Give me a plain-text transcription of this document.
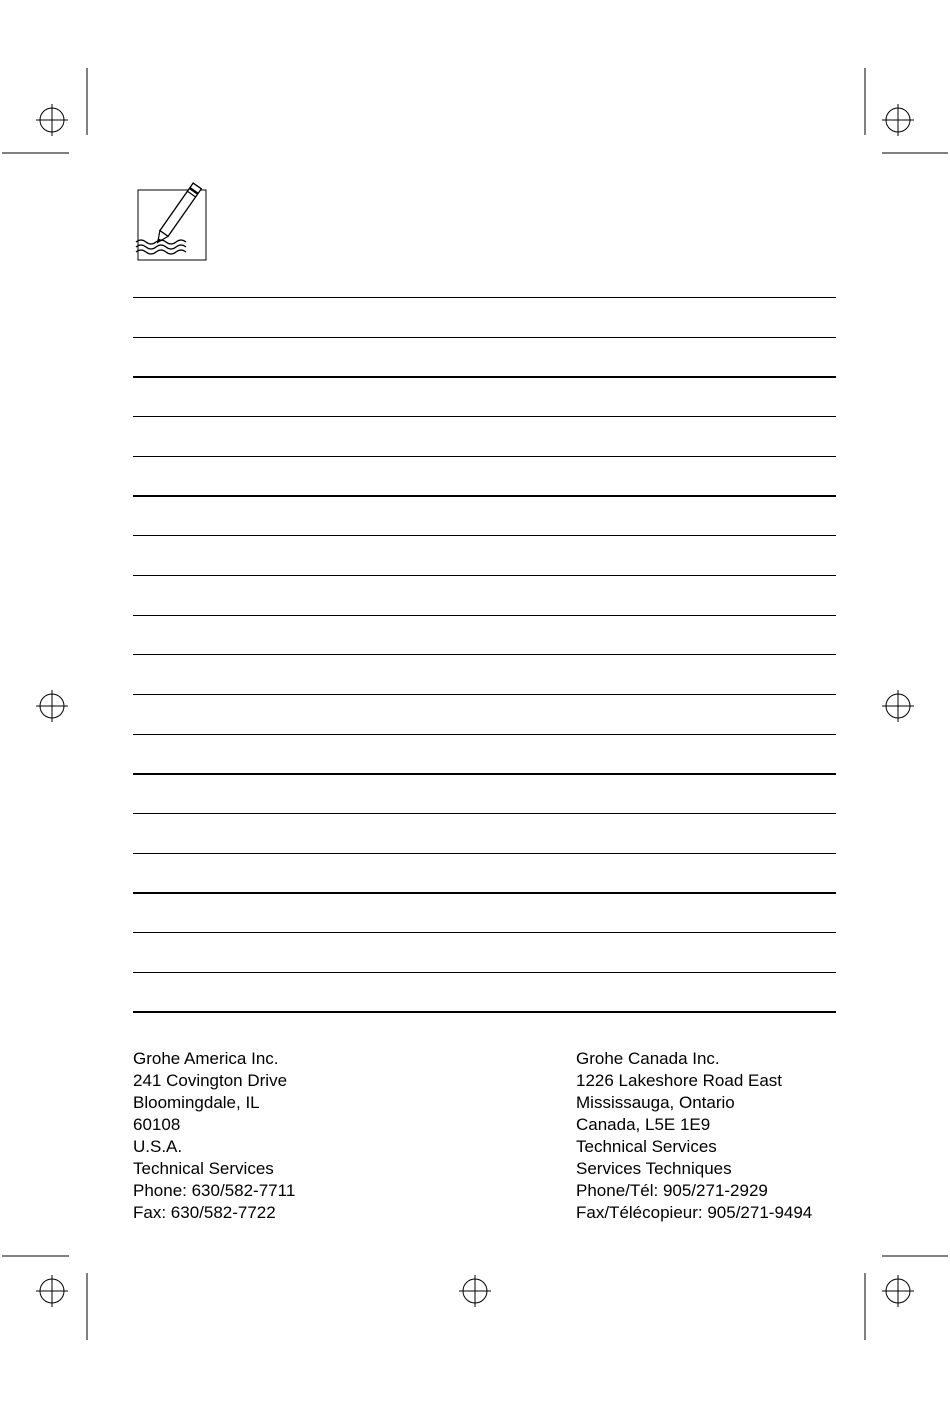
Grohe America Inc.
241 Covington Drive
Bloomingdale, IL
60108
U.S.A.
Technical Services
Phone: 630/582-7711
Fax: 630/582-7722
Grohe Canada Inc.
1226 Lakeshore Road East
Mississauga, Ontario
Canada, L5E 1E9
Technical Services
Services Techniques
Phone/Tél: 905/271-2929
Fax/Télécopieur: 905/271-9494
